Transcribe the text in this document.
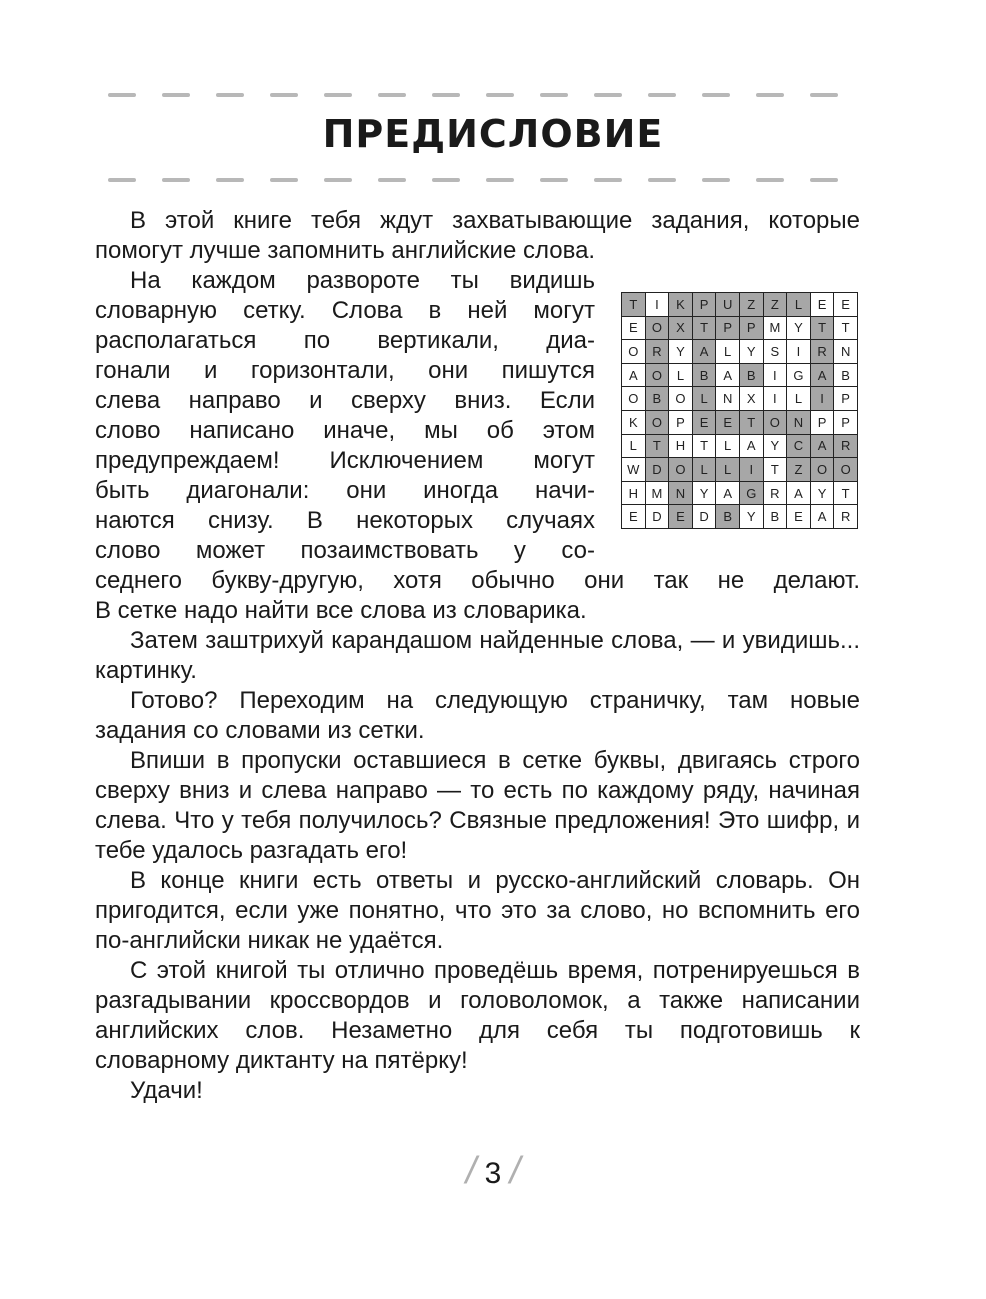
ПРЕДИСЛОВИЕ

В этой книге тебя ждут захватывающие задания, которые помогут лучше запомнить английские слова.

На каждом развороте ты видишь
словарную сетку. Слова в ней могут
располагаться по вертикали, диа-
гонали и горизонтали, они пишутся
слева направо и сверху вниз. Если
слово написано иначе, мы об этом
предупреждаем! Исключением могут
быть диагонали: они иногда начи-
наются снизу. В некоторых случаях
слово может позаимствовать у со-
седнего букву-другую, хотя обычно они так не делают.
В сетке надо найти все слова из словарика.

Затем заштрихуй карандашом найденные слова, — и увидишь... картинку.

Готово? Переходим на следующую страничку, там новые задания со словами из сетки.

Впиши в пропуски оставшиеся в сетке буквы, двигаясь строго сверху вниз и слева направо — то есть по каждому ряду, начиная слева. Что у тебя получилось? Связные предложения! Это шифр, и тебе удалось разгадать его!

В конце книги есть ответы и русско-английский словарь. Он пригодится, если уже понятно, что это за слово, но вспомнить его по-английски никак не удаётся.

С этой книгой ты отлично проведёшь время, потренируешься в разгадывании кроссвордов и головоломок, а также написании английских слов. Незаметно для себя ты подготовишь к словарному диктанту на пятёрку!

Удачи!

T	I	K	P	U	Z	Z	L	E	E
E	O	X	T	P	P	M	Y	T	T
O	R	Y	A	L	Y	S	I	R	N
A	O	L	B	A	B	I	G	A	B
O	B	O	L	N	X	I	L	I	P
K	O	P	E	E	T	O	N	P	P
L	T	H	T	L	A	Y	C	A	R
W	D	O	L	L	I	T	Z	O	O
H	M	N	Y	A	G	R	A	Y	T
E	D	E	D	B	Y	B	E	A	R
/ 3 /
